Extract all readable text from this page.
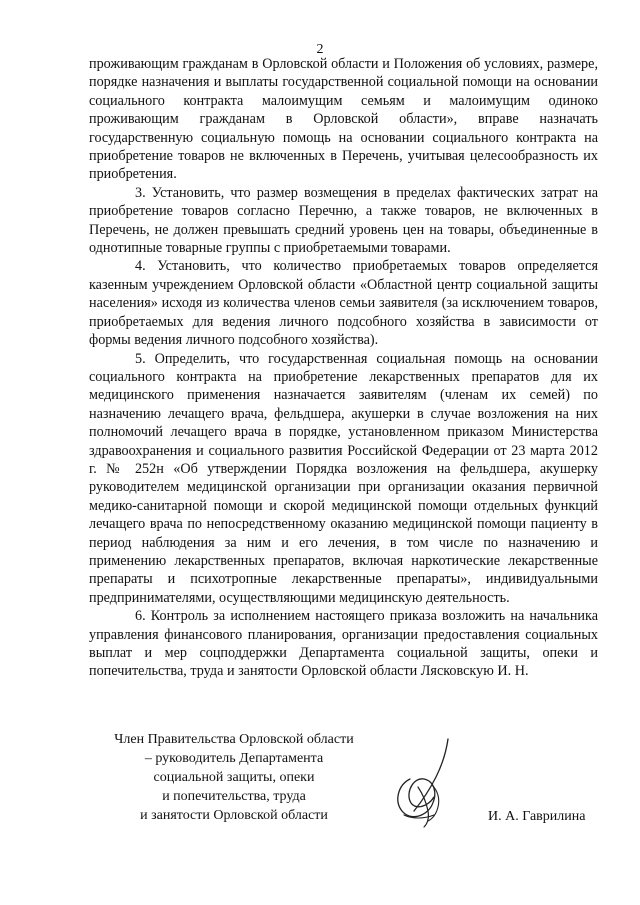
2

проживающим гражданам в Орловской области и Положения об условиях, размере, порядке назначения и выплаты государственной социальной помощи на основании социального контракта малоимущим семьям и малоимущим одиноко проживающим гражданам в Орловской области», вправе назначать государственную социальную помощь на основании социального контракта на приобретение товаров не включенных в Перечень, учитывая целесообразность их приобретения.

3. Установить, что размер возмещения в пределах фактических затрат на приобретение товаров согласно Перечню, а также товаров, не включенных в Перечень, не должен превышать средний уровень цен на товары, объединенные в однотипные товарные группы с приобретаемыми товарами.

4. Установить, что количество приобретаемых товаров определяется казенным учреждением Орловской области «Областной центр социальной защиты населения» исходя из количества членов семьи заявителя (за исключением товаров, приобретаемых для ведения личного подсобного хозяйства в зависимости от формы ведения личного подсобного хозяйства).

5. Определить, что государственная социальная помощь на основании социального контракта на приобретение лекарственных препаратов для их медицинского применения назначается заявителям (членам их семей) по назначению лечащего врача, фельдшера, акушерки в случае возложения на них полномочий лечащего врача в порядке, установленном приказом Министерства здравоохранения и социального развития Российской Федерации от 23 марта 2012 г. № 252н «Об утверждении Порядка возложения на фельдшера, акушерку руководителем медицинской организации при организации оказания первичной медико-санитарной помощи и скорой медицинской помощи отдельных функций лечащего врача по непосредственному оказанию медицинской помощи пациенту в период наблюдения за ним и его лечения, в том числе по назначению и применению лекарственных препаратов, включая наркотические лекарственные препараты и психотропные лекарственные препараты», индивидуальными предпринимателями, осуществляющими медицинскую деятельность.

6. Контроль за исполнением настоящего приказа возложить на начальника управления финансового планирования, организации предоставления социальных выплат и мер соцподдержки Департамента социальной защиты, опеки и попечительства, труда и занятости Орловской области Лясковскую И. Н.

Член Правительства Орловской области
– руководитель Департамента
социальной защиты, опеки
и попечительства, труда
и занятости Орловской области	И. А. Гаврилина
